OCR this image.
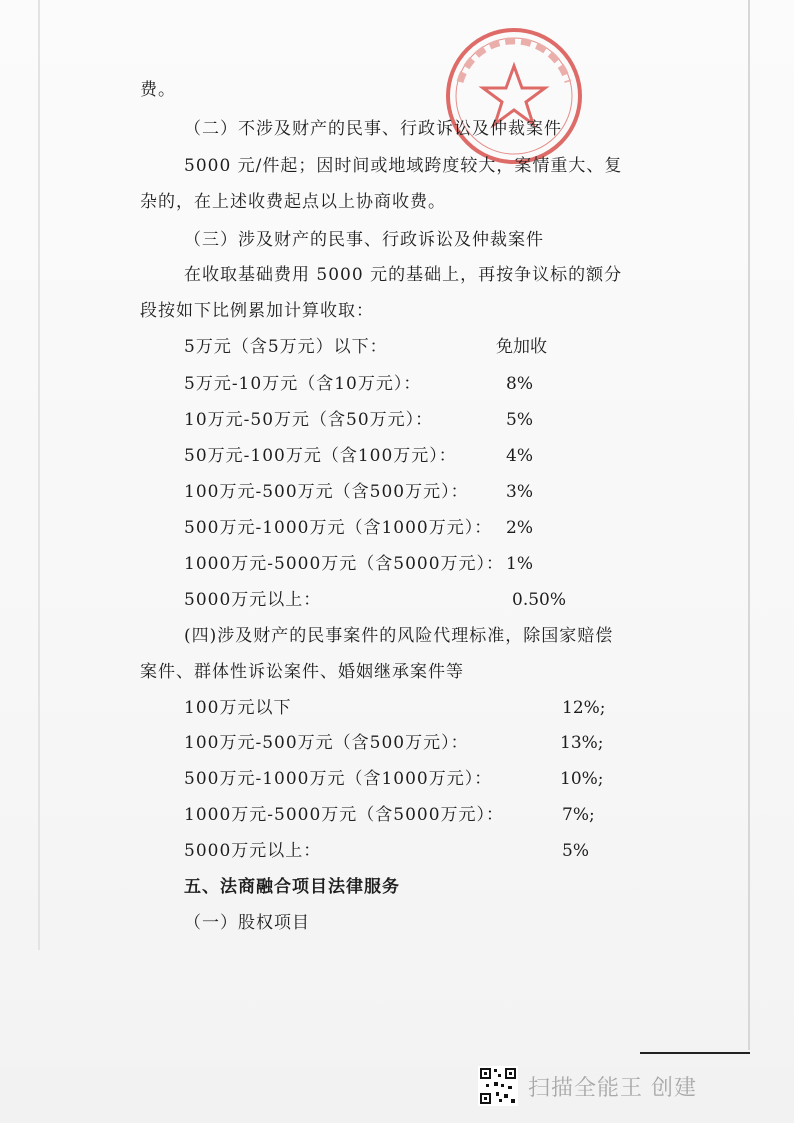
费。
（二）不涉及财产的民事、行政诉讼及仲裁案件
5000 元/件起；因时间或地域跨度较大，案情重大、复
杂的，在上述收费起点以上协商收费。
（三）涉及财产的民事、行政诉讼及仲裁案件
在收取基础费用 5000 元的基础上，再按争议标的额分
段按如下比例累加计算收取：
5万元（含5万元）以下：	免加收
5万元-10万元（含10万元）：	8%
10万元-50万元（含50万元）：	5%
50万元-100万元（含100万元）：	4%
100万元-500万元（含500万元）： 3%
500万元-1000万元（含1000万元）： 2%
1000万元-5000万元（含5000万元）： 1%
5000万元以上：	0.50%
(四)涉及财产的民事案件的风险代理标准，除国家赔偿
案件、群体性诉讼案件、婚姻继承案件等
100万元以下	12%;
100万元-500万元（含500万元）：	13%;
500万元-1000万元（含1000万元）：	10%;
1000万元-5000万元（含5000万元）：	7%;
5000万元以上：	5%
五、法商融合项目法律服务
（一）股权项目
扫描全能王 创建
